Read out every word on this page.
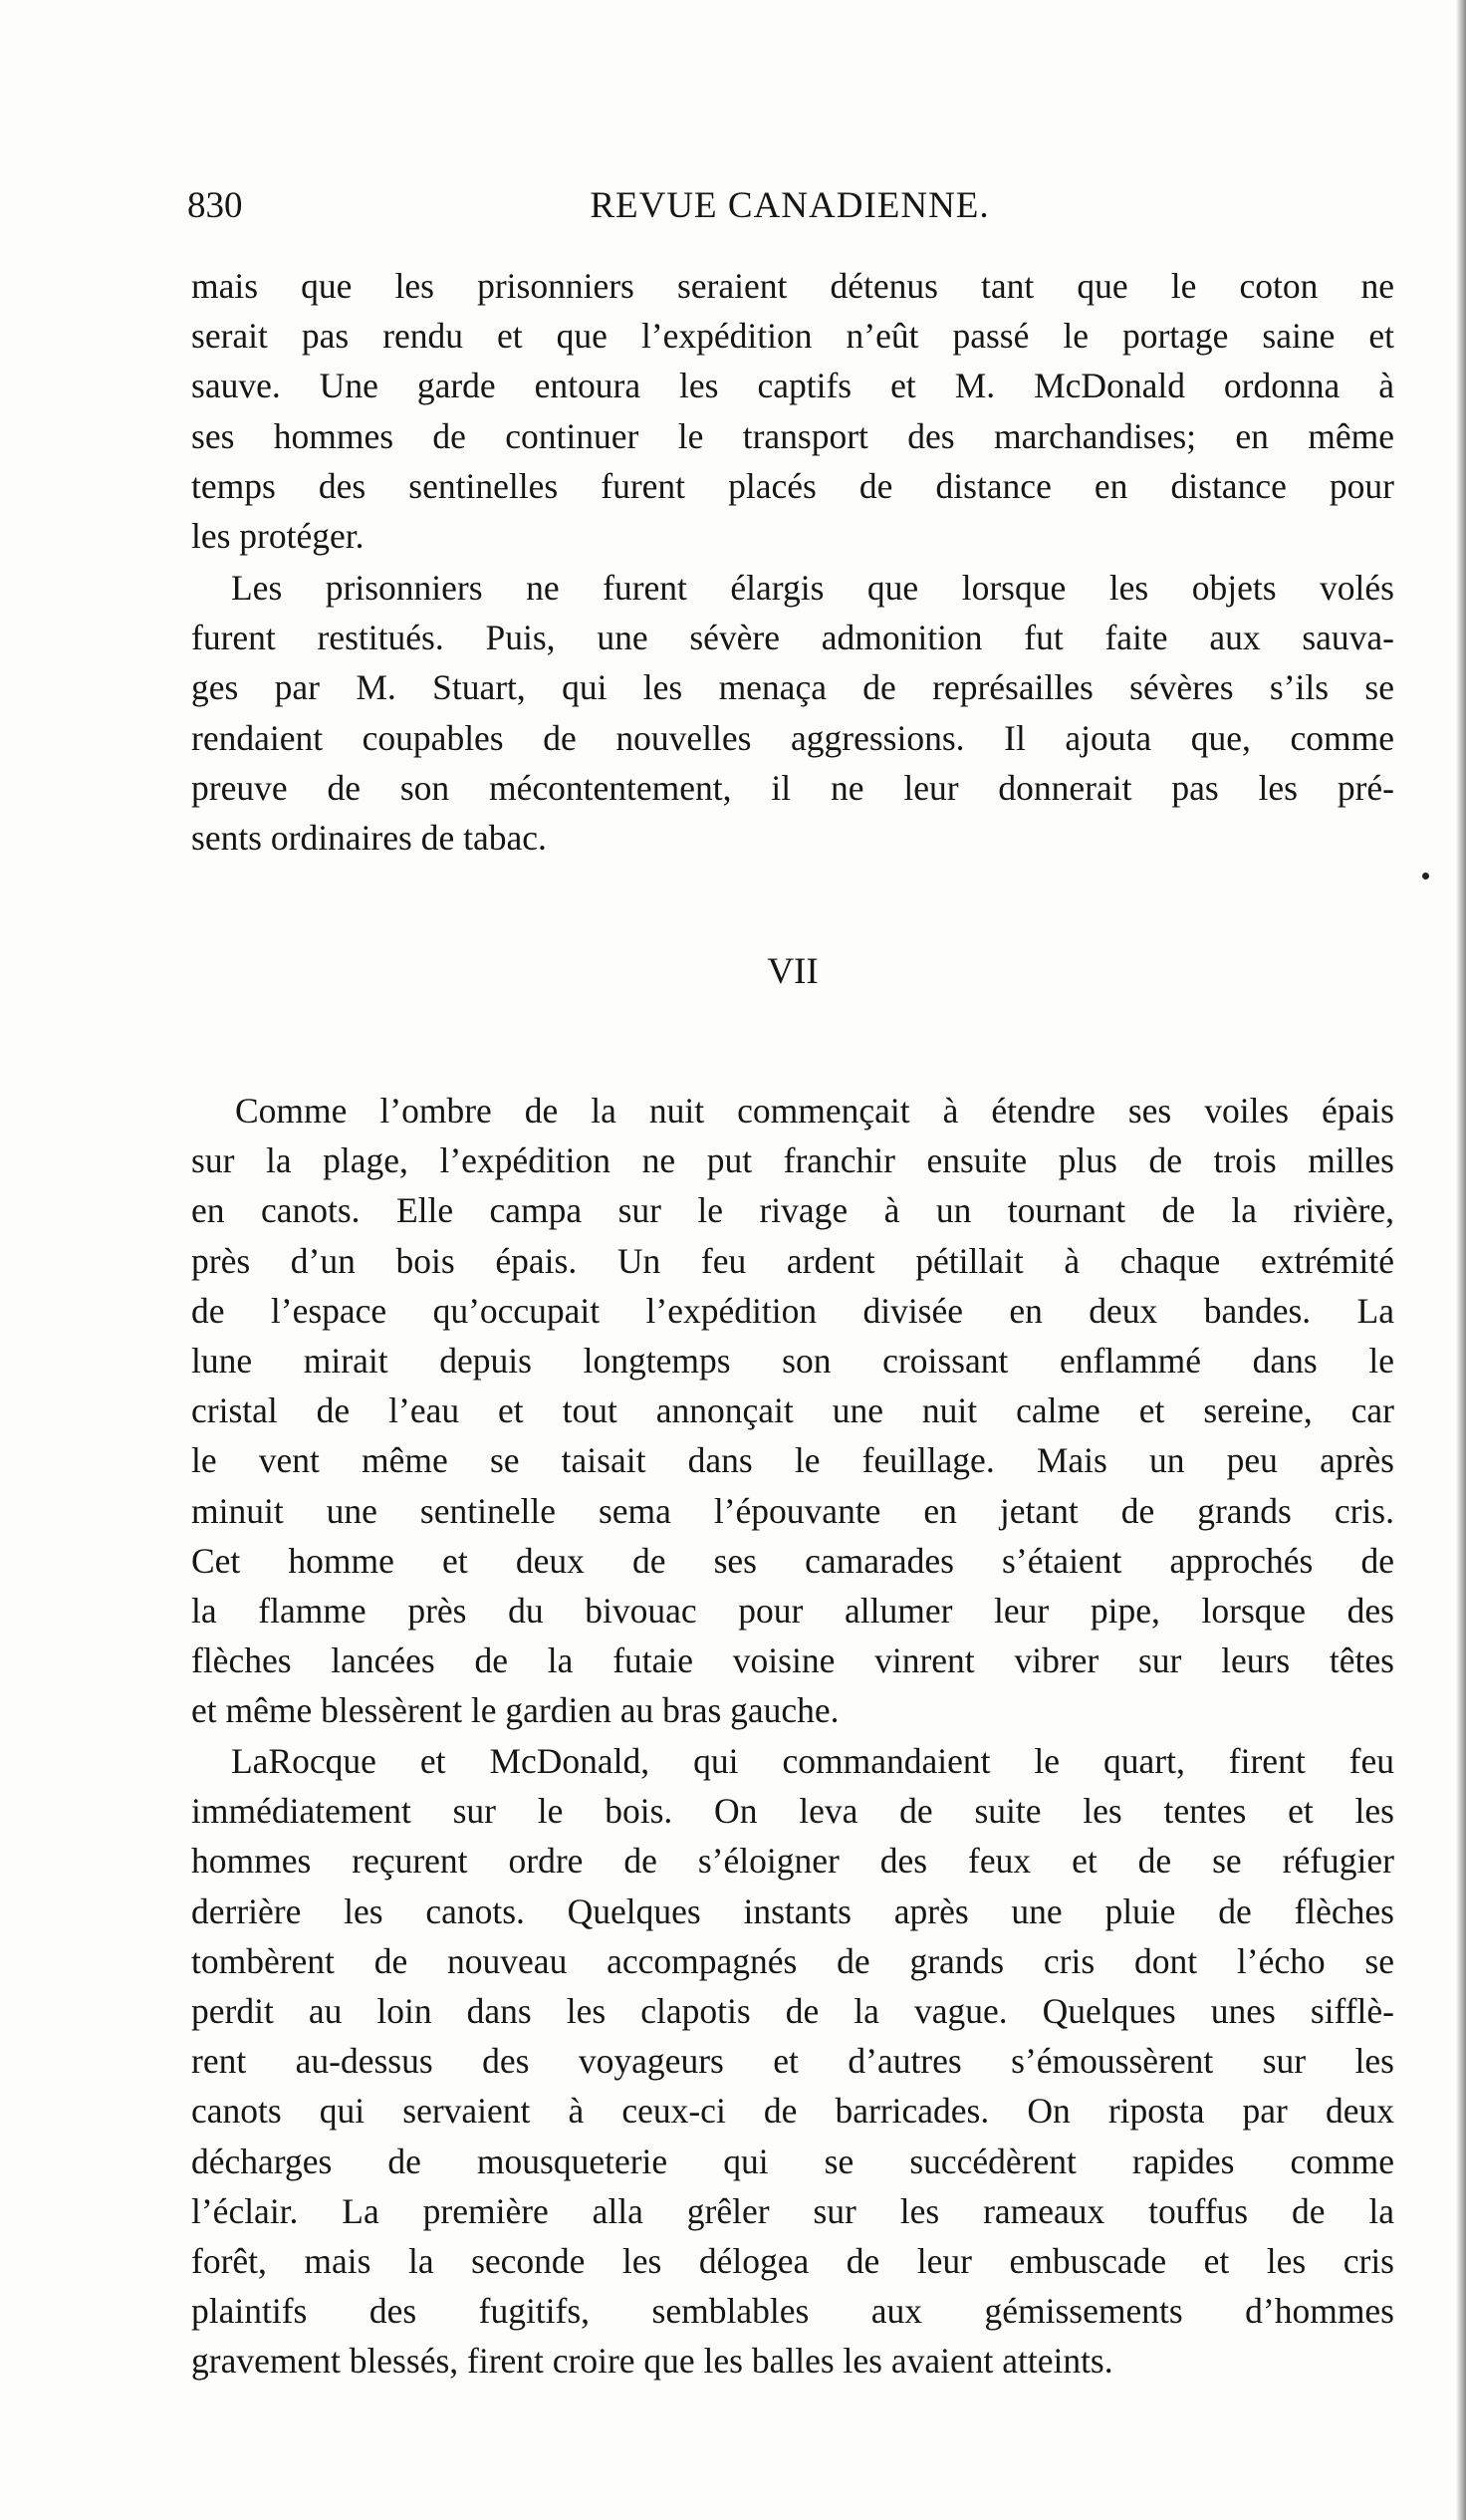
830	REVUE CANADIENNE.
mais que les prisonniers seraient détenus tant que le coton ne
serait pas rendu et que l’expédition n’eût passé le portage saine et
sauve. Une garde entoura les captifs et M. McDonald ordonna à
ses hommes de continuer le transport des marchandises; en même
temps des sentinelles furent placés de distance en distance pour
les protéger.
Les prisonniers ne furent élargis que lorsque les objets volés
furent restitués. Puis, une sévère admonition fut faite aux sauva-
ges par M. Stuart, qui les menaça de représailles sévères s’ils se
rendaient coupables de nouvelles aggressions. Il ajouta que, comme
preuve de son mécontentement, il ne leur donnerait pas les pré-
sents ordinaires de tabac.
VII
Comme l’ombre de la nuit commençait à étendre ses voiles épais
sur la plage, l’expédition ne put franchir ensuite plus de trois milles
en canots. Elle campa sur le rivage à un tournant de la rivière,
près d’un bois épais. Un feu ardent pétillait à chaque extrémité
de l’espace qu’occupait l’expédition divisée en deux bandes. La
lune mirait depuis longtemps son croissant enflammé dans le
cristal de l’eau et tout annonçait une nuit calme et sereine, car
le vent même se taisait dans le feuillage. Mais un peu après
minuit une sentinelle sema l’épouvante en jetant de grands cris.
Cet homme et deux de ses camarades s’étaient approchés de
la flamme près du bivouac pour allumer leur pipe, lorsque des
flèches lancées de la futaie voisine vinrent vibrer sur leurs têtes
et même blessèrent le gardien au bras gauche.
LaRocque et McDonald, qui commandaient le quart, firent feu
immédiatement sur le bois. On leva de suite les tentes et les
hommes reçurent ordre de s’éloigner des feux et de se réfugier
derrière les canots. Quelques instants après une pluie de flèches
tombèrent de nouveau accompagnés de grands cris dont l’écho se
perdit au loin dans les clapotis de la vague. Quelques unes sifflè-
rent au-dessus des voyageurs et d’autres s’émoussèrent sur les
canots qui servaient à ceux-ci de barricades. On riposta par deux
décharges de mousqueterie qui se succédèrent rapides comme
l’éclair. La première alla grêler sur les rameaux touffus de la
forêt, mais la seconde les délogea de leur embuscade et les cris
plaintifs des fugitifs, semblables aux gémissements d’hommes
gravement blessés, firent croire que les balles les avaient atteints.
